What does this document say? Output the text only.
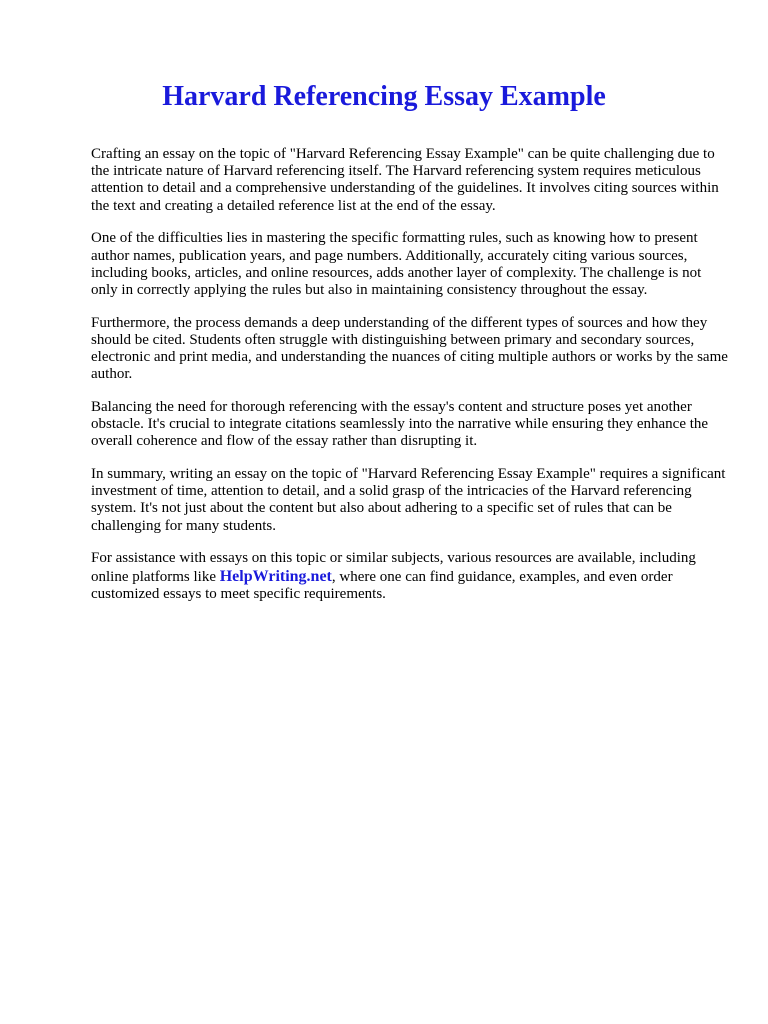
Harvard Referencing Essay Example

Crafting an essay on the topic of "Harvard Referencing Essay Example" can be quite challenging due to the intricate nature of Harvard referencing itself. The Harvard referencing system requires meticulous attention to detail and a comprehensive understanding of the guidelines. It involves citing sources within the text and creating a detailed reference list at the end of the essay.

One of the difficulties lies in mastering the specific formatting rules, such as knowing how to present author names, publication years, and page numbers. Additionally, accurately citing various sources, including books, articles, and online resources, adds another layer of complexity. The challenge is not only in correctly applying the rules but also in maintaining consistency throughout the essay.

Furthermore, the process demands a deep understanding of the different types of sources and how they should be cited. Students often struggle with distinguishing between primary and secondary sources, electronic and print media, and understanding the nuances of citing multiple authors or works by the same author.

Balancing the need for thorough referencing with the essay's content and structure poses yet another obstacle. It's crucial to integrate citations seamlessly into the narrative while ensuring they enhance the overall coherence and flow of the essay rather than disrupting it.

In summary, writing an essay on the topic of "Harvard Referencing Essay Example" requires a significant investment of time, attention to detail, and a solid grasp of the intricacies of the Harvard referencing system. It's not just about the content but also about adhering to a specific set of rules that can be challenging for many students.

For assistance with essays on this topic or similar subjects, various resources are available, including online platforms like HelpWriting.net, where one can find guidance, examples, and even order customized essays to meet specific requirements.
